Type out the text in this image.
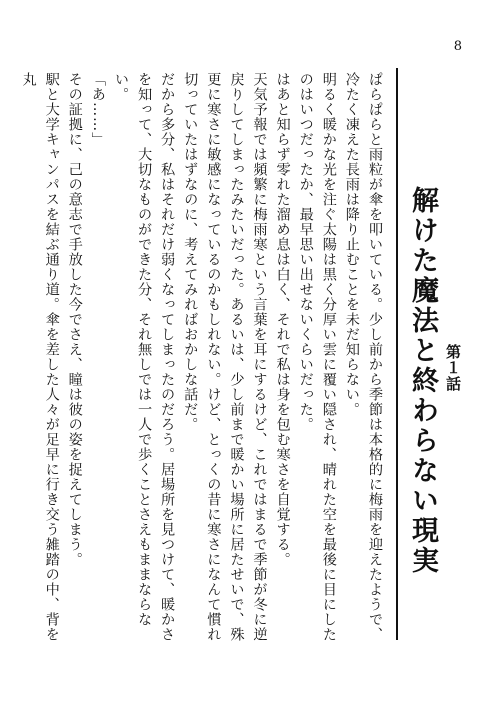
8
第１話
解けた魔法と終わらない現実

ぱらぱらと雨粒が傘を叩いている。少し前から季節は本格的に梅雨を迎えたようで、冷たく凍えた長雨は降り止むことを未だ知らない。

明るく暖かな光を注ぐ太陽は黒く分厚い雲に覆い隠され、晴れた空を最後に目にしたのはいつだったか、最早思い出せないくらいだった。

はあと知らず零れた溜め息は白く、それで私は身を包む寒さを自覚する。

天気予報では頻繁に梅雨寒という言葉を耳にするけど、これではまるで季節が冬に逆戻りしてしまったみたいだった。あるいは、少し前まで暖かい場所に居たせいで、殊更に寒さに敏感になっているのかもしれない。けど、とっくの昔に寒さになんて慣れ切っていたはずなのに、考えてみればおかしな話だ。

だから多分、私はそれだけ弱くなってしまったのだろう。居場所を見つけて、暖かさを知って、大切なものができた分、それ無しでは一人で歩くことさえもままならない。

「あ……」

その証拠に、己の意志で手放した今でさえ、瞳は彼の姿を捉えてしまう。

駅と大学キャンパスを結ぶ通り道。傘を差した人々が足早に行き交う雑踏の中、背を丸
